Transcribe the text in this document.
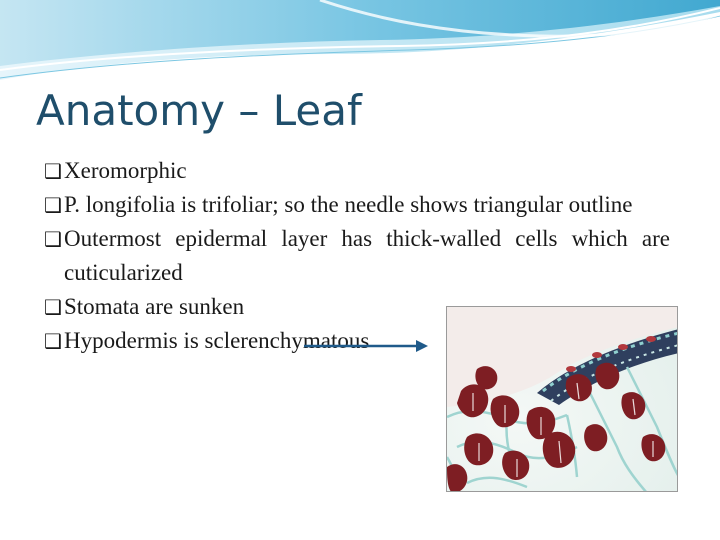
Anatomy – Leaf
❑ Xeromorphic
❑ P. longifolia is trifoliar; so the needle shows triangular outline
❑ Outermost epidermal layer has thick-walled cells which are cuticularized
❑ Stomata are sunken
❑ Hypodermis is sclerenchymatous
